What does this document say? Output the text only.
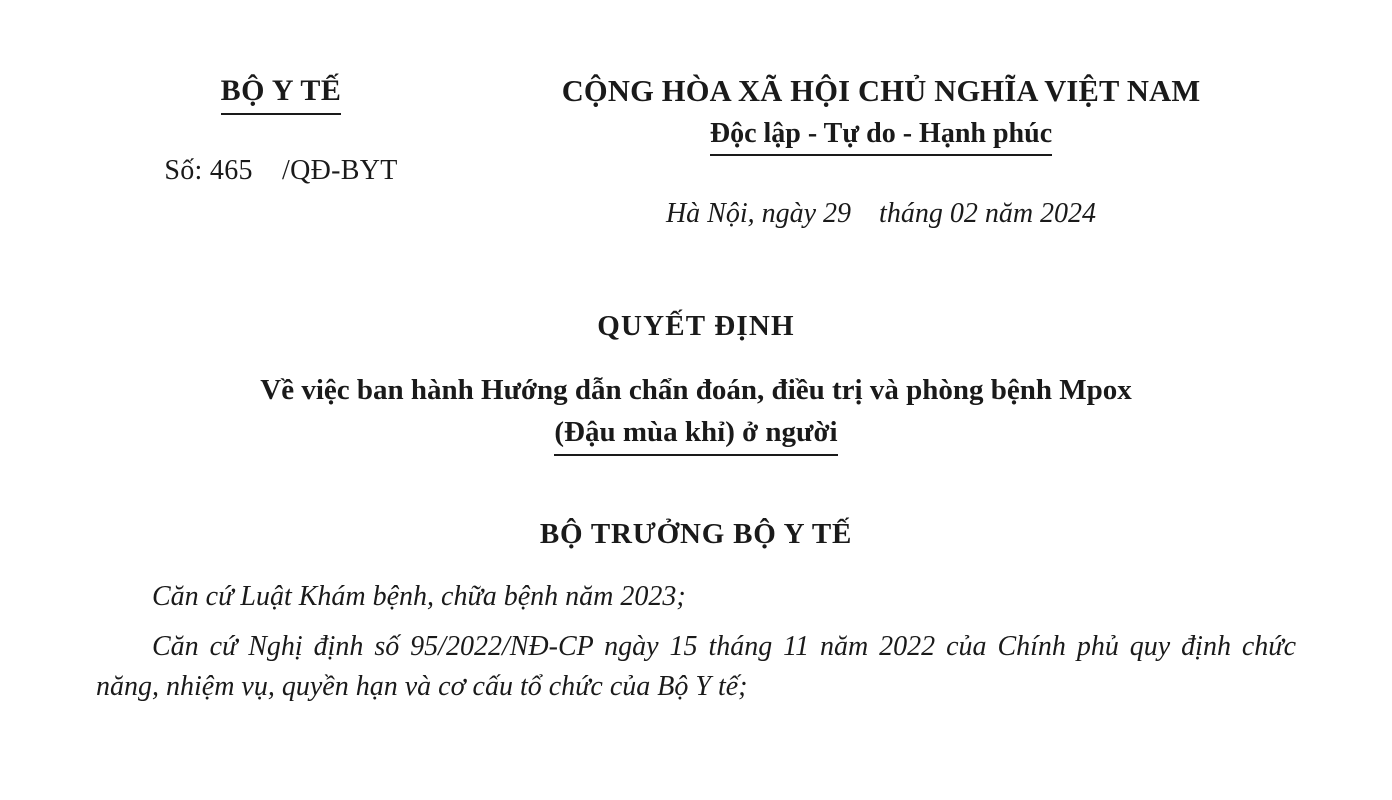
BỘ Y TẾ
Số: 465    /QĐ-BYT
CỘNG HÒA XÃ HỘI CHỦ NGHĨA VIỆT NAM
Độc lập - Tự do - Hạnh phúc
Hà Nội, ngày 29    tháng 02 năm 2024
QUYẾT ĐỊNH
Về việc ban hành Hướng dẫn chẩn đoán, điều trị và phòng bệnh Mpox
(Đậu mùa khỉ) ở người
BỘ TRƯỞNG BỘ Y TẾ

Căn cứ Luật Khám bệnh, chữa bệnh năm 2023;

Căn cứ Nghị định số 95/2022/NĐ-CP ngày 15 tháng 11 năm 2022 của Chính phủ quy định chức năng, nhiệm vụ, quyền hạn và cơ cấu tổ chức của Bộ Y tế;
